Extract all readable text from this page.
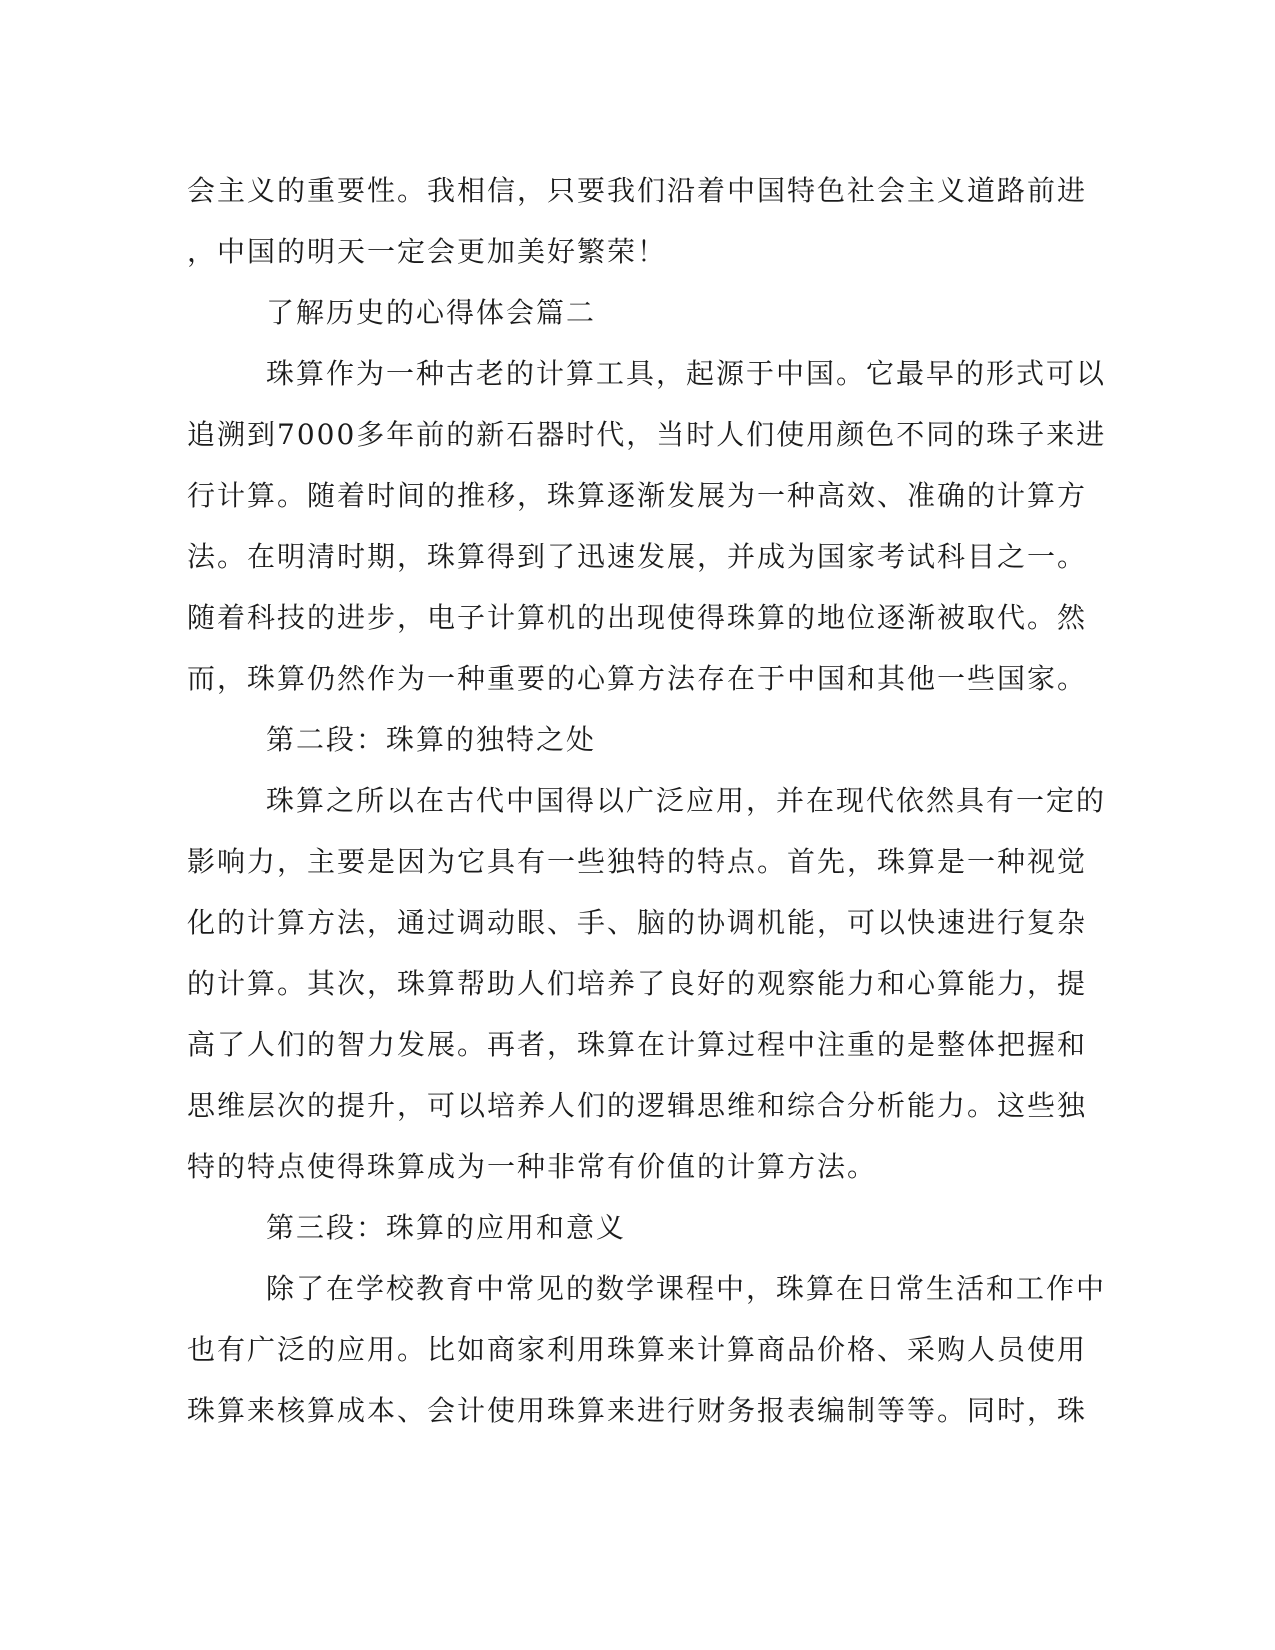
会主义的重要性。我相信，只要我们沿着中国特色社会主义道路前进
，中国的明天一定会更加美好繁荣！
了解历史的心得体会篇二
珠算作为一种古老的计算工具，起源于中国。它最早的形式可以
追溯到7000多年前的新石器时代，当时人们使用颜色不同的珠子来进
行计算。随着时间的推移，珠算逐渐发展为一种高效、准确的计算方
法。在明清时期，珠算得到了迅速发展，并成为国家考试科目之一。
随着科技的进步，电子计算机的出现使得珠算的地位逐渐被取代。然
而，珠算仍然作为一种重要的心算方法存在于中国和其他一些国家。
第二段：珠算的独特之处
珠算之所以在古代中国得以广泛应用，并在现代依然具有一定的
影响力，主要是因为它具有一些独特的特点。首先，珠算是一种视觉
化的计算方法，通过调动眼、手、脑的协调机能，可以快速进行复杂
的计算。其次，珠算帮助人们培养了良好的观察能力和心算能力，提
高了人们的智力发展。再者，珠算在计算过程中注重的是整体把握和
思维层次的提升，可以培养人们的逻辑思维和综合分析能力。这些独
特的特点使得珠算成为一种非常有价值的计算方法。
第三段：珠算的应用和意义
除了在学校教育中常见的数学课程中，珠算在日常生活和工作中
也有广泛的应用。比如商家利用珠算来计算商品价格、采购人员使用
珠算来核算成本、会计使用珠算来进行财务报表编制等等。同时，珠
